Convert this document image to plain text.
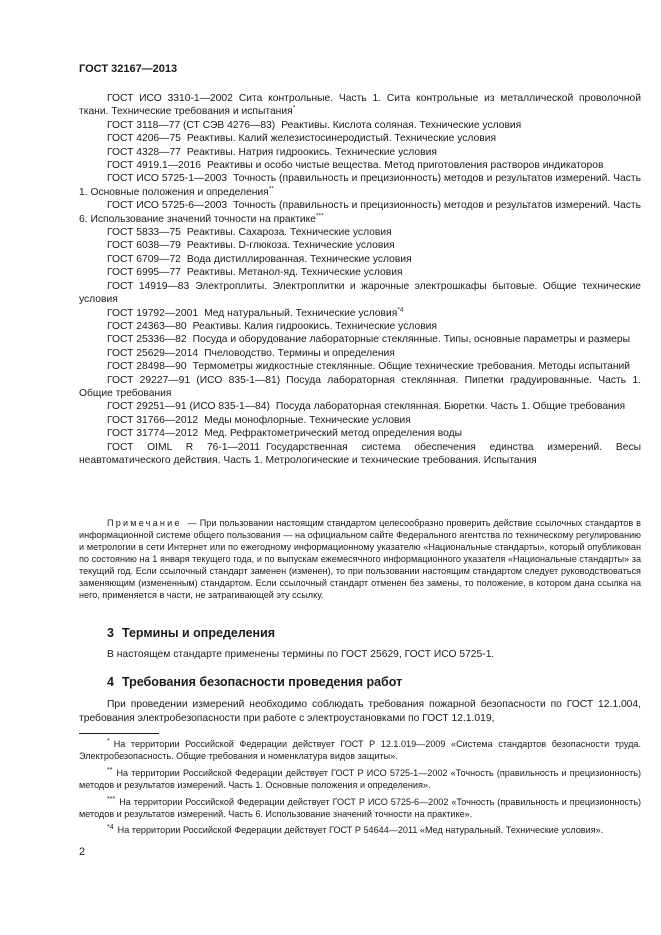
ГОСТ 32167—2013

ГОСТ ИСО 3310-1—2002 Сита контрольные. Часть 1. Сита контрольные из металлической проволочной ткани. Технические требования и испытания*

ГОСТ 3118—77 (СТ СЭВ 4276—83) Реактивы. Кислота соляная. Технические условия

ГОСТ 4206—75 Реактивы. Калий железистосинеродистый. Технические условия

ГОСТ 4328—77 Реактивы. Натрия гидроокись. Технические условия

ГОСТ 4919.1—2016 Реактивы и особо чистые вещества. Метод приготовления растворов индикаторов

ГОСТ ИСО 5725-1—2003 Точность (правильность и прецизионность) методов и результатов измерений. Часть 1. Основные положения и определения**

ГОСТ ИСО 5725-6—2003 Точность (правильность и прецизионность) методов и результатов измерений. Часть 6. Использование значений точности на практике***

ГОСТ 5833—75 Реактивы. Сахароза. Технические условия

ГОСТ 6038—79 Реактивы. D-глюкоза. Технические условия

ГОСТ 6709—72 Вода дистиллированная. Технические условия

ГОСТ 6995—77 Реактивы. Метанол-яд. Технические условия

ГОСТ 14919—83 Электроплиты. Электроплитки и жарочные электрошкафы бытовые. Общие технические условия

ГОСТ 19792—2001 Мед натуральный. Технические условия$^{*4}$

ГОСТ 24363—80 Реактивы. Калия гидроокись. Технические условия

ГОСТ 25336—82 Посуда и оборудование лабораторные стеклянные. Типы, основные параметры и размеры

ГОСТ 25629—2014 Пчеловодство. Термины и определения

ГОСТ 28498—90 Термометры жидкостные стеклянные. Общие технические требования. Методы испытаний

ГОСТ 29227—91 (ИСО 835-1—81) Посуда лабораторная стеклянная. Пипетки градуированные. Часть 1. Общие требования

ГОСТ 29251—91 (ИСО 835-1—84) Посуда лабораторная стеклянная. Бюретки. Часть 1. Общие требования

ГОСТ 31766—2012 Меды монофлорные. Технические условия

ГОСТ 31774—2012 Мед. Рефрактометрический метод определения воды

ГОСТ OIML R 76-1—2011 Государственная система обеспечения единства измерений. Весы неавтоматического действия. Часть 1. Метрологические и технические требования. Испытания

Примечание — При пользовании настоящим стандартом целесообразно проверить действие ссылочных стандартов в информационной системе общего пользования — на официальном сайте Федерального агентства по техническому регулированию и метрологии в сети Интернет или по ежегодному информационному указателю «Национальные стандарты», который опубликован по состоянию на 1 января текущего года, и по выпускам ежемесячного информационного указателя «Национальные стандарты» за текущий год. Если ссылочный стандарт заменен (изменен), то при пользовании настоящим стандартом следует руководствоваться заменяющим (измененным) стандартом. Если ссылочный стандарт отменен без замены, то положение, в котором дана ссылка на него, применяется в части, не затрагивающей эту ссылку.
3 Термины и определения
В настоящем стандарте применены термины по ГОСТ 25629, ГОСТ ИСО 5725-1.
4 Требования безопасности проведения работ
При проведении измерений необходимо соблюдать требования пожарной безопасности по ГОСТ 12.1.004, требования электробезопасности при работе с электроустановками по ГОСТ 12.1.019,

* На территории Российской Федерации действует ГОСТ Р 12.1.019—2009 «Система стандартов безопасности труда. Электробезопасность. Общие требования и номенклатура видов защиты».

** На территории Российской Федерации действует ГОСТ Р ИСО 5725-1—2002 «Точность (правильность и прецизионность) методов и результатов измерений. Часть 1. Основные положения и определения».

*** На территории Российской Федерации действует ГОСТ Р ИСО 5725-6—2002 «Точность (правильность и прецизионность) методов и результатов измерений. Часть 6. Использование значений точности на практике».

$^{*4}$ На территории Российской Федерации действует ГОСТ Р 54644—2011 «Мед натуральный. Технические условия».

2
